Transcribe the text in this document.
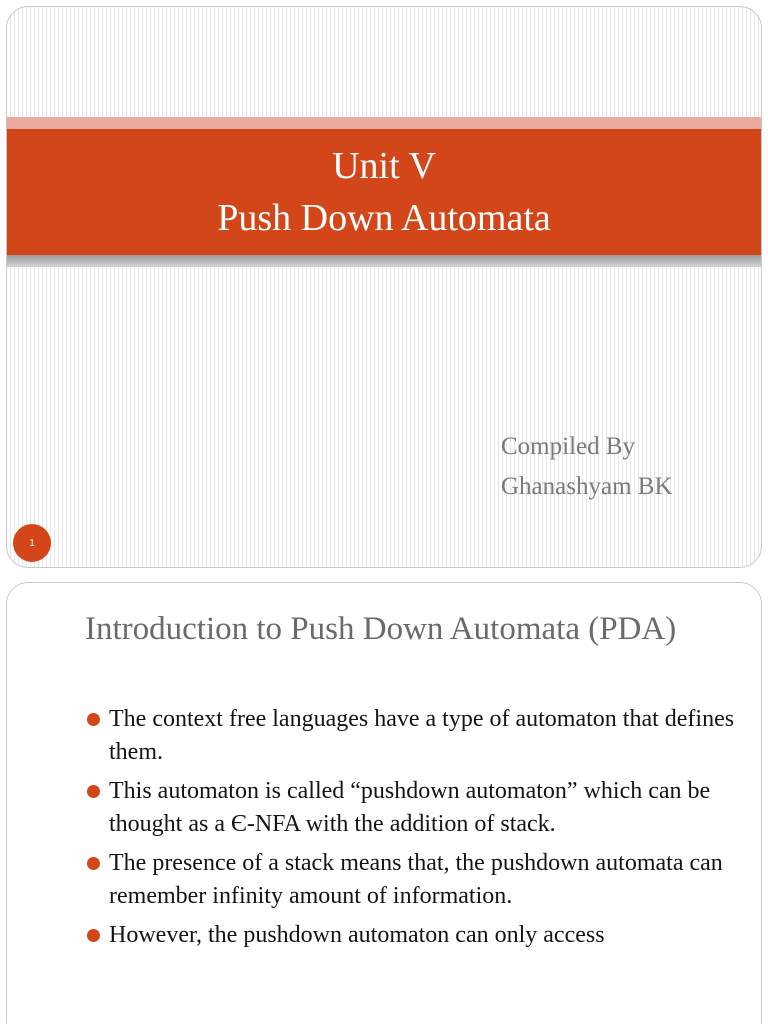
Unit V
Push Down Automata
Compiled By
Ghanashyam BK
1
Introduction to Push Down Automata (PDA)
The context free languages have a type of automaton that defines them.
This automaton is called “pushdown automaton” which can be thought as a Є-NFA with the addition of stack.
The presence of a stack means that, the pushdown automata can remember infinity amount of information.
However, the pushdown automaton can only access
